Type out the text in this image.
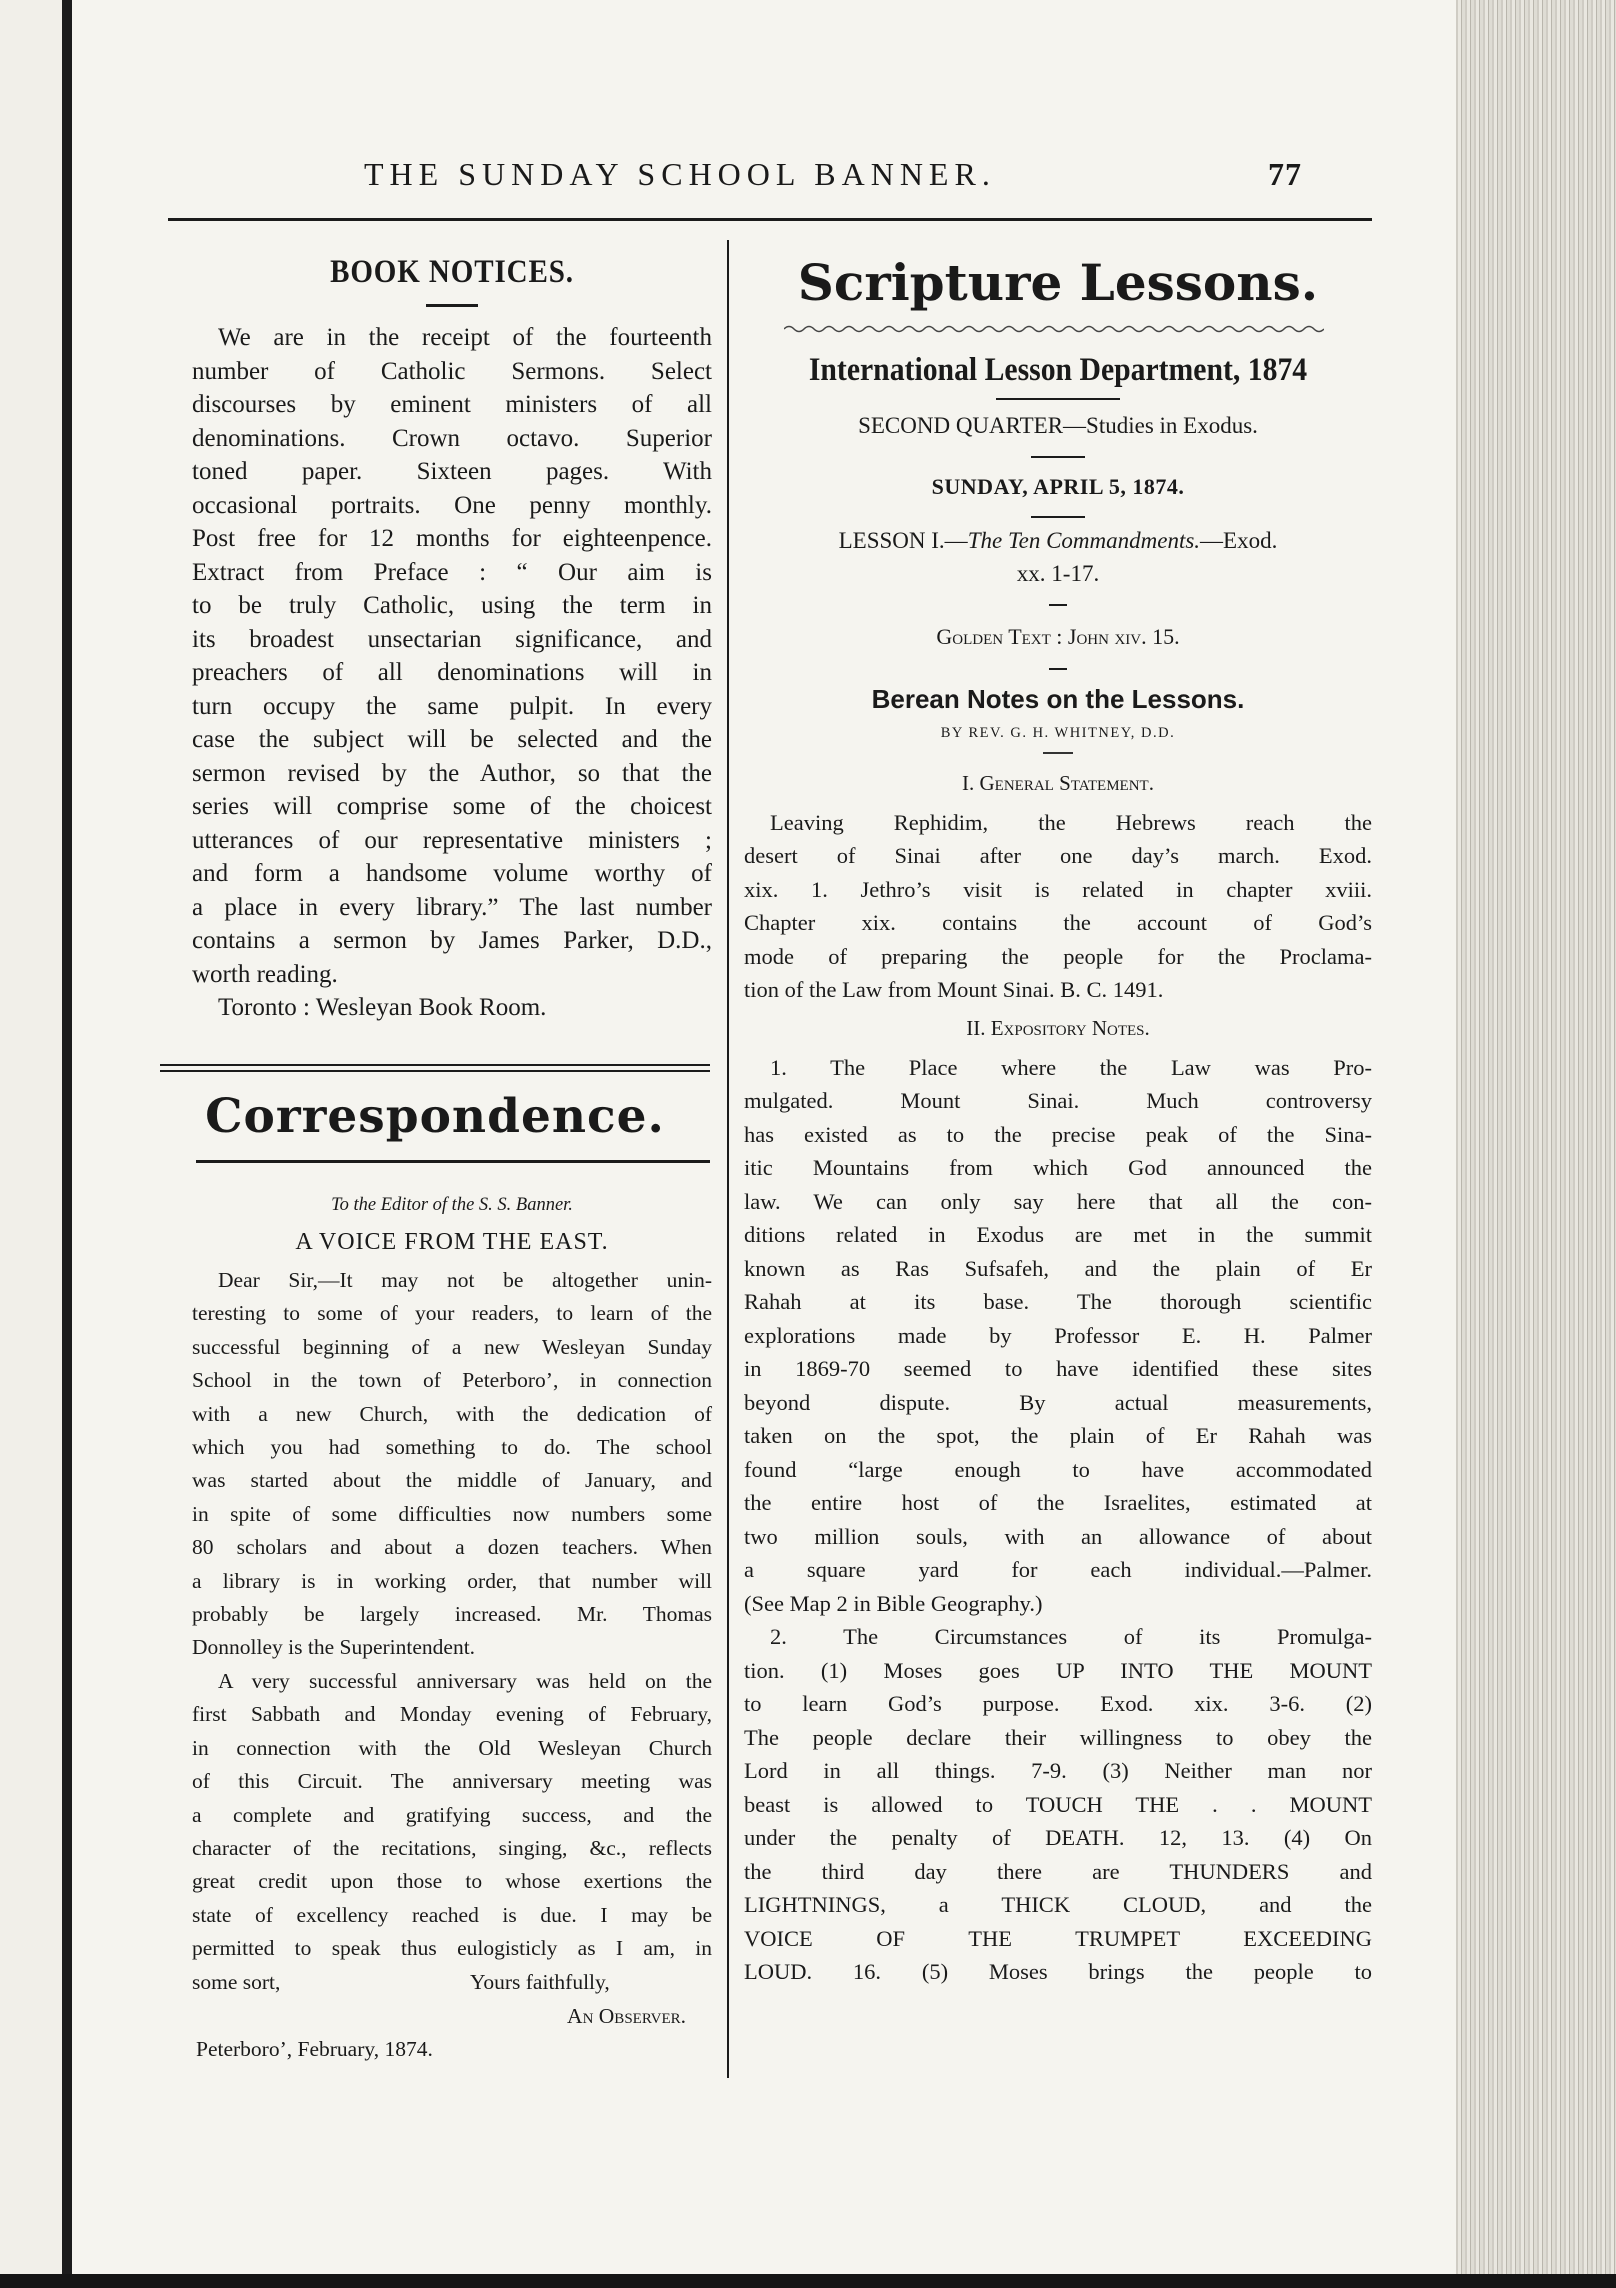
THE SUNDAY SCHOOL BANNER.	77
BOOK NOTICES.
We are in the receipt of the fourteenth
number of Catholic Sermons. Select
discourses by eminent ministers of all
denominations. Crown octavo. Superior
toned paper. Sixteen pages. With
occasional portraits. One penny monthly.
Post free for 12 months for eighteenpence.
Extract from Preface : “ Our aim is
to be truly Catholic, using the term in
its broadest unsectarian significance, and
preachers of all denominations will in
turn occupy the same pulpit. In every
case the subject will be selected and the
sermon revised by the Author, so that the
series will comprise some of the choicest
utterances of our representative ministers ;
and form a handsome volume worthy of
a place in every library.” The last number
contains a sermon by James Parker, D.D.,

worth reading.

Toronto : Wesleyan Book Room.

Correspondence.
To the Editor of the S. S. Banner.
A VOICE FROM THE EAST.
Dear Sir,—It may not be altogether unin-
teresting to some of your readers, to learn of the
successful beginning of a new Wesleyan Sunday
School in the town of Peterboro’, in connection
with a new Church, with the dedication of
which you had something to do. The school
was started about the middle of January, and
in spite of some difficulties now numbers some
80 scholars and about a dozen teachers. When
a library is in working order, that number will
probably be largely increased. Mr. Thomas

Donnolley is the Superintendent.

A very successful anniversary was held on the
first Sabbath and Monday evening of February,
in connection with the Old Wesleyan Church
of this Circuit. The anniversary meeting was
a complete and gratifying success, and the
character of the recitations, singing, &c., reflects
great credit upon those to whose exertions the
state of excellency reached is due. I may be
permitted to speak thus eulogisticly as I am, in
some sort,	Yours faithfully,
An Observer.

Peterboro’, February, 1874.

Scripture Lessons.
International Lesson Department, 1874
SECOND QUARTER—Studies in Exodus.
SUNDAY, APRIL 5, 1874.
LESSON I.—The Ten Commandments.—Exod.
xx. 1-17.
Golden Text : John xiv. 15.
Berean Notes on the Lessons.
BY REV. G. H. WHITNEY, D.D.
I. General Statement.
Leaving Rephidim, the Hebrews reach the
desert of Sinai after one day’s march. Exod.
xix. 1. Jethro’s visit is related in chapter xviii.
Chapter xix. contains the account of God’s
mode of preparing the people for the Proclama-

tion of the Law from Mount Sinai. B. C. 1491.

II. Expository Notes.
1. The Place where the Law was Pro-
mulgated. Mount Sinai. Much controversy
has existed as to the precise peak of the Sina-
itic Mountains from which God announced the
law. We can only say here that all the con-
ditions related in Exodus are met in the summit
known as Ras Sufsafeh, and the plain of Er
Rahah at its base. The thorough scientific
explorations made by Professor E. H. Palmer
in 1869-70 seemed to have identified these sites
beyond dispute. By actual measurements,
taken on the spot, the plain of Er Rahah was
found “large enough to have accommodated
the entire host of the Israelites, estimated at
two million souls, with an allowance of about
a square yard for each individual.—Palmer.

(See Map 2 in Bible Geography.)

2. The Circumstances of its Promulga-
tion. (1) Moses goes UP INTO THE MOUNT
to learn God’s purpose. Exod. xix. 3-6. (2)
The people declare their willingness to obey the
Lord in all things. 7-9. (3) Neither man nor
beast is allowed to TOUCH THE . . MOUNT
under the penalty of DEATH. 12, 13. (4) On
the third day there are THUNDERS and
LIGHTNINGS, a THICK CLOUD, and the
VOICE OF THE TRUMPET EXCEEDING
LOUD. 16. (5) Moses brings the people to
